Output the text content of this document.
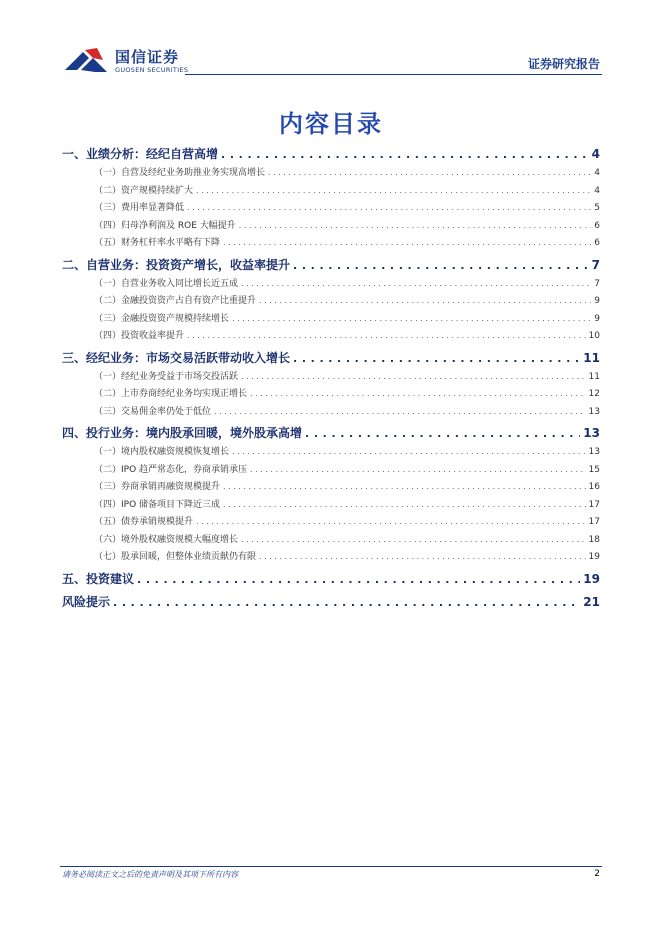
国信证券
GUOSEN SECURITIES	证券研究报告
内容目录
一、业绩分析：经纪自营高增 . . .	4
（一）自营及经纪业务助推业务实现高增长 . . .	4
（二）资产规模持续扩大 . . .	4
（三）费用率显著降低 . . .	5
（四）归母净利润及 ROE 大幅提升 . . .	6
（五）财务杠杆率水平略有下降 . . .	6
二、自营业务：投资资产增长，收益率提升 . . .	7
（一）自营业务收入同比增长近五成 . . .	7
（二）金融投资资产占自有资产比重提升 . . .	9
（三）金融投资资产规模持续增长 . . .	9
（四）投资收益率提升 . . .	10
三、经纪业务：市场交易活跃带动收入增长 . . .	11
（一）经纪业务受益于市场交投活跃 . . .	11
（二）上市券商经纪业务均实现正增长 . . .	12
（三）交易佣金率仍处于低位 . . .	13
四、投行业务：境内股承回暖，境外股承高增 . . .	13
（一）境内股权融资规模恢复增长 . . .	13
（二）IPO 趋严常态化，券商承销承压 . . .	15
（三）券商承销再融资规模提升 . . .	16
（四）IPO 储备项目下降近三成 . . .	17
（五）债券承销规模提升 . . .	17
（六）境外股权融资规模大幅度增长 . . .	18
（七）股承回暖，但整体业绩贡献仍有限 . . .	19
五、投资建议 . . .	19
风险提示 . . .	21
请务必阅读正文之后的免责声明及其项下所有内容	2
